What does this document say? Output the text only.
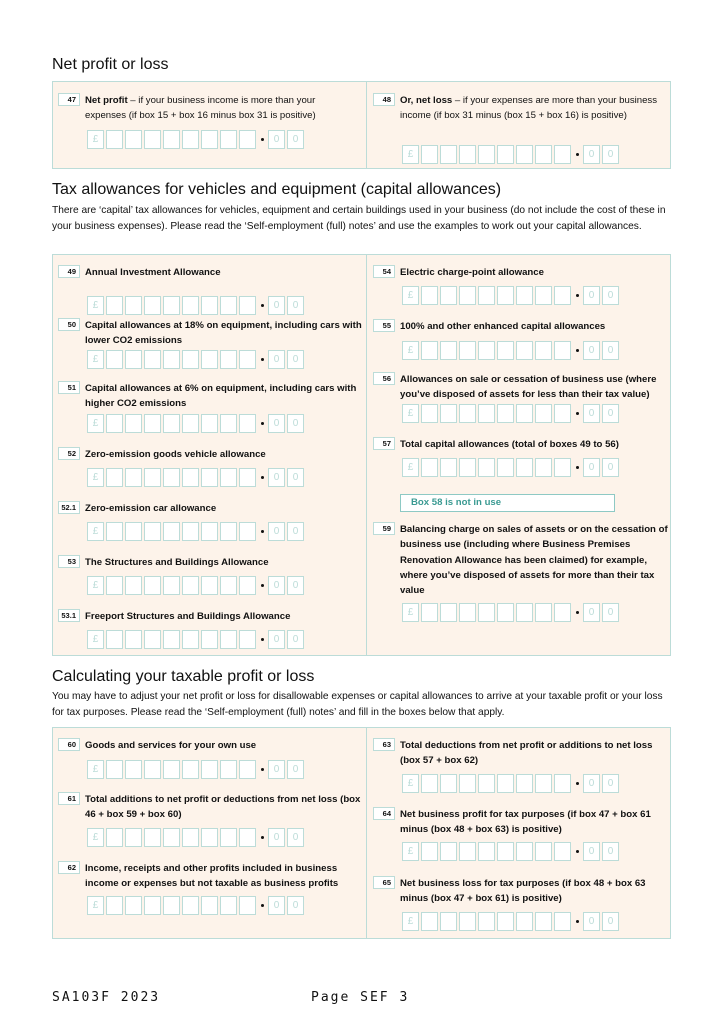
Net profit or loss
47 Net profit – if your business income is more than your expenses (if box 15 + box 16 minus box 31 is positive)
£	0	0
48 Or, net loss – if your expenses are more than your business income (if box 31 minus (box 15 + box 16) is positive)
£	0	0
Tax allowances for vehicles and equipment (capital allowances)

There are ‘capital’ tax allowances for vehicles, equipment and certain buildings used in your business (do not include the cost of these in your business expenses). Please read the ‘Self-employment (full) notes’ and use the examples to work out your capital allowances.

49 Annual Investment Allowance
£	0	0
50 Capital allowances at 18% on equipment, including cars with lower CO2 emissions
£	0	0
51 Capital allowances at 6% on equipment, including cars with higher CO2 emissions
£	0	0
52 Zero-emission goods vehicle allowance
£	0	0
52.1 Zero-emission car allowance
£	0	0
53 The Structures and Buildings Allowance
£	0	0
53.1 Freeport Structures and Buildings Allowance
£	0	0
54 Electric charge-point allowance
£	0	0
55 100% and other enhanced capital allowances
£	0	0
56 Allowances on sale or cessation of business use (where you’ve disposed of assets for less than their tax value)
£	0	0
57 Total capital allowances (total of boxes 49 to 56)
£	0	0
Box 58 is not in use
59 Balancing charge on sales of assets or on the cessation of business use (including where Business Premises Renovation Allowance has been claimed) for example, where you’ve disposed of assets for more than their tax value
£	0	0
Calculating your taxable profit or loss

You may have to adjust your net profit or loss for disallowable expenses or capital allowances to arrive at your taxable profit or your loss for tax purposes. Please read the ‘Self-employment (full) notes’ and fill in the boxes below that apply.

60 Goods and services for your own use
£	0	0
61 Total additions to net profit or deductions from net loss (box 46 + box 59 + box 60)
£	0	0
62 Income, receipts and other profits included in business income or expenses but not taxable as business profits
£	0	0
63 Total deductions from net profit or additions to net loss (box 57 + box 62)
£	0	0
64 Net business profit for tax purposes (if box 47 + box 61 minus (box 48 + box 63) is positive)
£	0	0
65 Net business loss for tax purposes (if box 48 + box 63 minus (box 47 + box 61) is positive)
£	0	0
SA103F 2023	Page SEF 3
